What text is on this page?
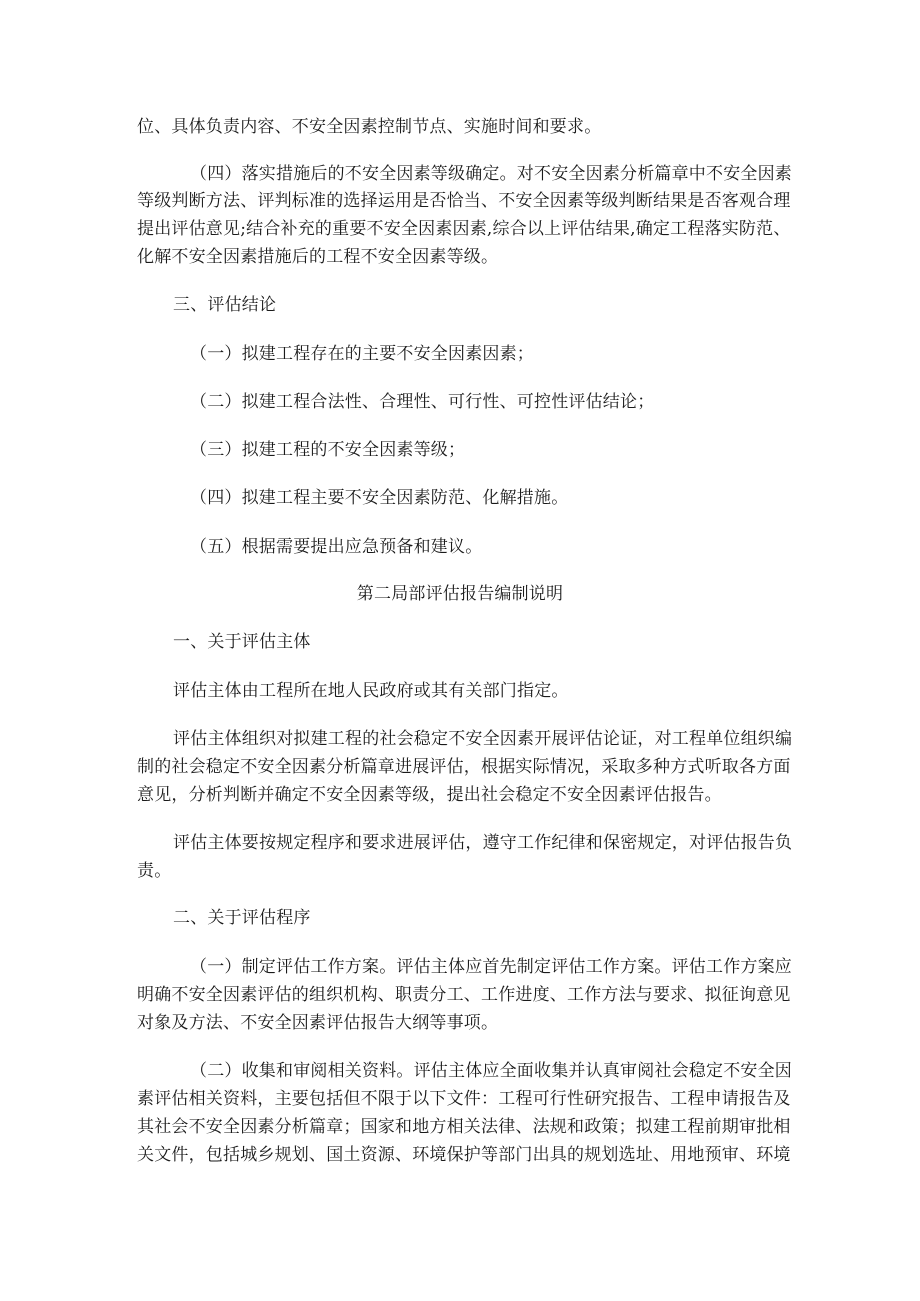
位、具体负责内容、不安全因素控制节点、实施时间和要求。

（四）落实措施后的不安全因素等级确定。对不安全因素分析篇章中不安全因素

等级判断方法、评判标准的选择运用是否恰当、不安全因素等级判断结果是否客观合理

提出评估意见;结合补充的重要不安全因素因素,综合以上评估结果,确定工程落实防范、

化解不安全因素措施后的工程不安全因素等级。

三、评估结论

（一）拟建工程存在的主要不安全因素因素；

（二）拟建工程合法性、合理性、可行性、可控性评估结论；

（三）拟建工程的不安全因素等级；

（四）拟建工程主要不安全因素防范、化解措施。

（五）根据需要提出应急预备和建议。

第二局部评估报告编制说明

一、关于评估主体

评估主体由工程所在地人民政府或其有关部门指定。

评估主体组织对拟建工程的社会稳定不安全因素开展评估论证，对工程单位组织编

制的社会稳定不安全因素分析篇章进展评估，根据实际情况，采取多种方式听取各方面

意见，分析判断并确定不安全因素等级，提出社会稳定不安全因素评估报告。

评估主体要按规定程序和要求进展评估，遵守工作纪律和保密规定，对评估报告负

责。

二、关于评估程序

（一）制定评估工作方案。评估主体应首先制定评估工作方案。评估工作方案应

明确不安全因素评估的组织机构、职责分工、工作进度、工作方法与要求、拟征询意见

对象及方法、不安全因素评估报告大纲等事项。

（二）收集和审阅相关资料。评估主体应全面收集并认真审阅社会稳定不安全因

素评估相关资料，主要包括但不限于以下文件：工程可行性研究报告、工程申请报告及

其社会不安全因素分析篇章；国家和地方相关法律、法规和政策；拟建工程前期审批相

关文件，包括城乡规划、国土资源、环境保护等部门出具的规划选址、用地预审、环境
